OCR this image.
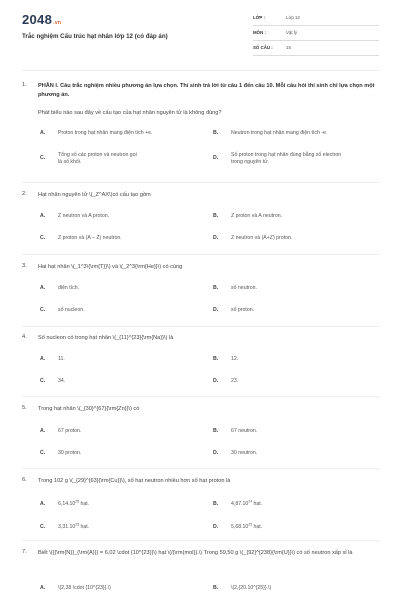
2048.vn
Trắc nghiệm Cấu trúc hạt nhân lớp 12 (có đáp án)
LỚP :	Lớp 12
MÔN :	Vật lý
SỐ CÂU :	15
1. PHẦN I. Câu trắc nghiệm nhiều phương án lựa chọn. Thí sinh trả lời từ câu 1 đến câu 10. Mỗi câu hỏi thí sinh chỉ lựa chọn một phương án.
Phát biểu nào sau đây về cấu tạo của hạt nhân nguyên tử là không đúng?
A. Proton trong hạt nhân mang điện tích +e.	B. Neutron trong hạt nhân mang điện tích -e.
C. Tổng số các proton và neutron gọi là số khối.
D. Số proton trong hạt nhân đúng bằng số electron trong nguyên tử.
2. Hạt nhân nguyên tử \(_Z^AX\)có cấu tạo gồm
A. Z neutron và A proton.	B. Z proton và A neutron.
C. Z proton và (A – Z) neutron.	D. Z neutron và (A+Z) proton.
3. Hai hạt nhân \(_1^3\{\rm{T}}\) và \(_2^3{\rm{He}}\) có cùng
A. điện tích.	B. số neutron.
C. số nucleon.	D. số proton.
4. Số nucleon có trong hạt nhân \(_{11}^{23}{\rm{Na}}\) là
A. 11.	B. 12.
C. 34.	D. 23.
5. Trong hạt nhân \(_{30}^{67}{\rm{Zn}}\) có
A. 67 proton.	B. 67 neutron.
C. 30 proton.	D. 30 neutron.
6. Trong 102 g \(_{29}^{63}{\rm{Cu}}\), số hạt neutron nhiều hơn số hạt proton là
A. 6,14.10$^{25}$ hạt.	B. 4,87.10$^{24}$ hạt.
C. 3,31.10$^{25}$ hạt.	D. 5,68.10$^{25}$ hạt.
7. Biết \({{\rm{N}}_{\rm{A}}} = 6,02 \cdot {10^{23}}\) hạt \(/{\rm{mol}}.\) Trong 59,50 g \(_{92}^{238}{\rm{U}}\) có số neutron xấp xỉ là
A. \(2,38 \cdot {10^{23}}.\)	B. \(2,{20.10^{25}}.\)
